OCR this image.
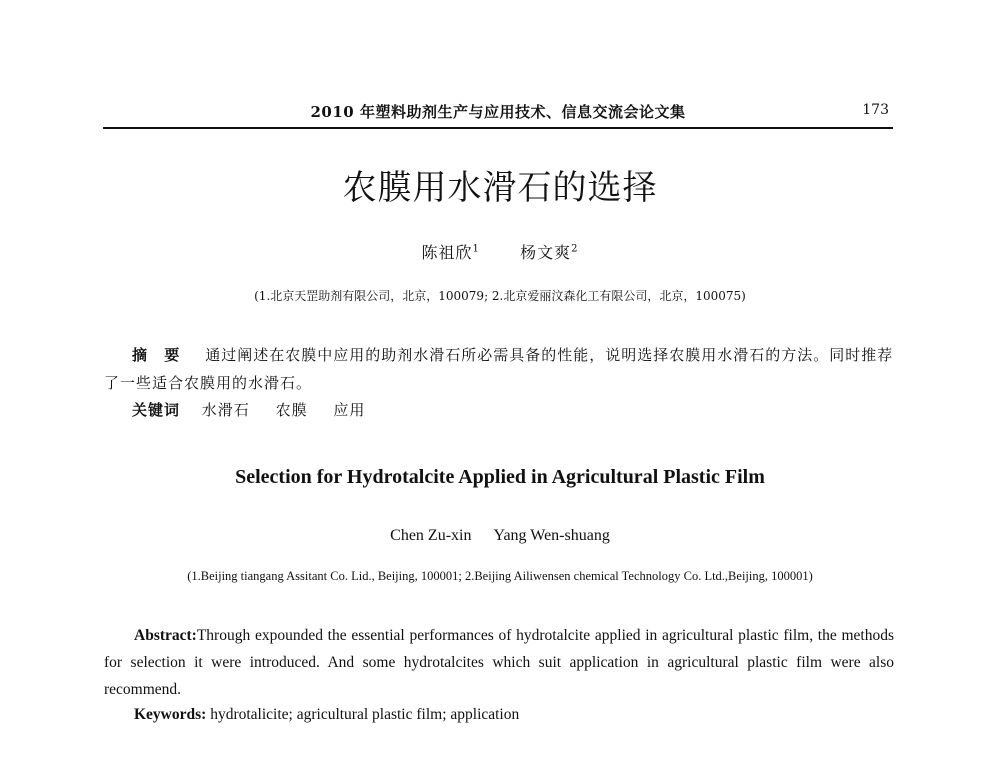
2010 年塑料助剂生产与应用技术、信息交流会论文集	173
农膜用水滑石的选择
陈祖欣$^1$	杨文爽$^2$
(1.北京天罡助剂有限公司，北京，100079; 2.北京爱丽汶森化工有限公司，北京，100075)
摘 要 通过阐述在农膜中应用的助剂水滑石所必需具备的性能，说明选择农膜用水滑石的方法。同时推荐了一些适合农膜用的水滑石。
关键词 水滑石 农膜 应用
Selection for Hydrotalcite Applied in Agricultural Plastic Film
Chen Zu-xin Yang Wen-shuang
(1.Beijing tiangang Assitant Co. Lid., Beijing, 100001; 2.Beijing Ailiwensen chemical Technology Co. Ltd.,Beijing, 100001)
Abstract:Through expounded the essential performances of hydrotalcite applied in agricultural plastic film, the methods for selection it were introduced. And some hydrotalcites which suit application in agricultural plastic film were also recommend.
Keywords: hydrotalicite; agricultural plastic film; application
